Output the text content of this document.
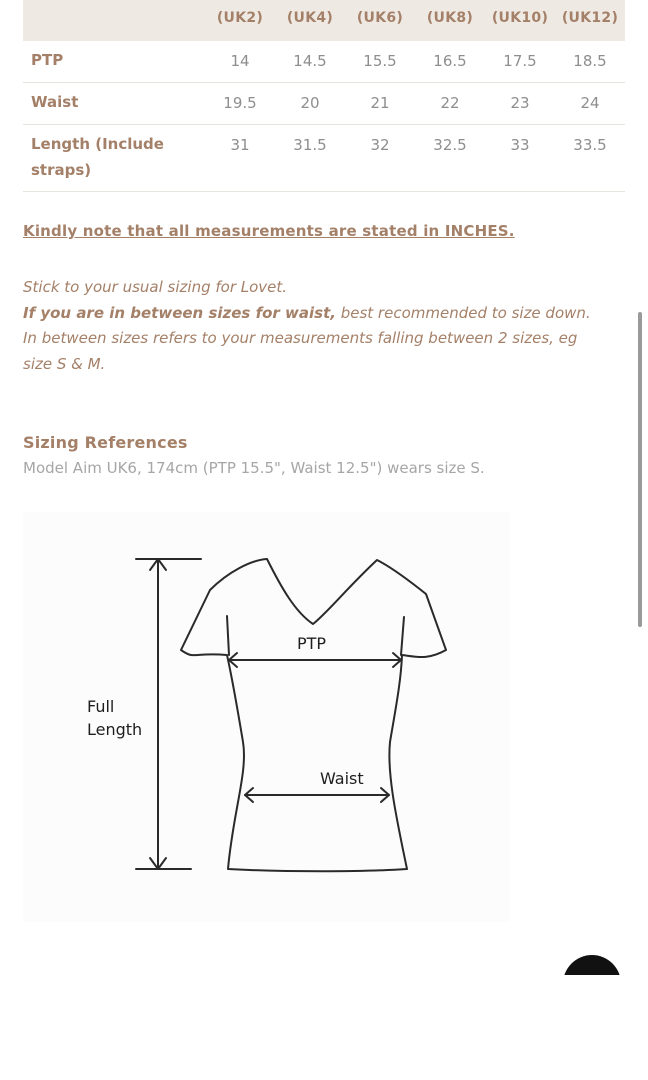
	(UK2)	(UK4)	(UK6)	(UK8)	(UK10)	(UK12)
PTP	14	14.5	15.5	16.5	17.5	18.5
Waist	19.5	20	21	22	23	24
Length (Include straps)	31	31.5	32	32.5	33	33.5
Kindly note that all measurements are stated in INCHES.
Stick to your usual sizing for Lovet.
If you are in between sizes for waist, best recommended to size down.
In between sizes refers to your measurements falling between 2 sizes, eg size S & M.
Sizing References
Model Aim UK6, 174cm (PTP 15.5", Waist 12.5") wears size S.
PTP
Waist
Full
Length
